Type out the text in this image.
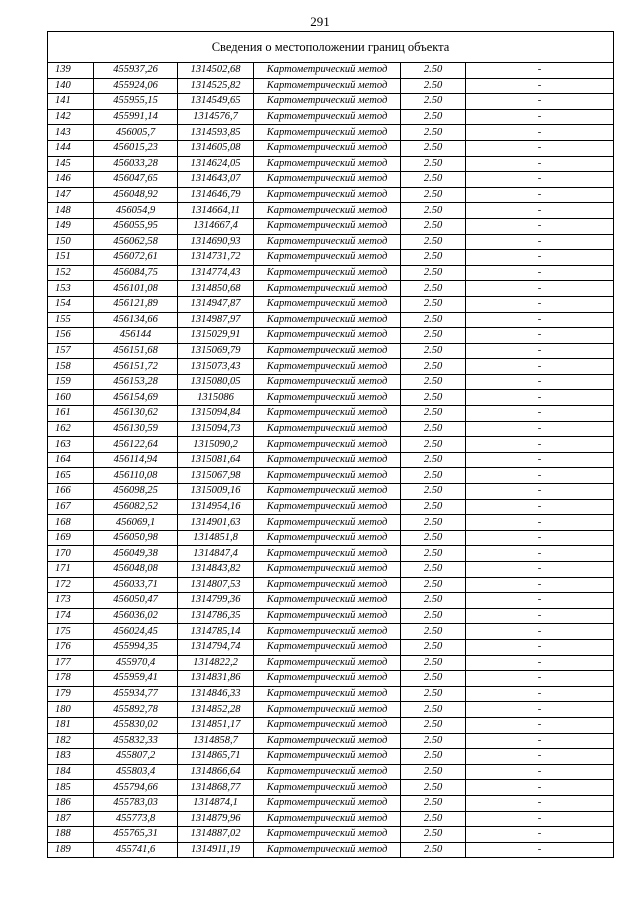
291
Сведения о местоположении границ объекта					
139	455937,26	1314502,68	Картометрический метод	2.50	-
140	455924,06	1314525,82	Картометрический метод	2.50	-
141	455955,15	1314549,65	Картометрический метод	2.50	-
142	455991,14	1314576,7	Картометрический метод	2.50	-
143	456005,7	1314593,85	Картометрический метод	2.50	-
144	456015,23	1314605,08	Картометрический метод	2.50	-
145	456033,28	1314624,05	Картометрический метод	2.50	-
146	456047,65	1314643,07	Картометрический метод	2.50	-
147	456048,92	1314646,79	Картометрический метод	2.50	-
148	456054,9	1314664,11	Картометрический метод	2.50	-
149	456055,95	1314667,4	Картометрический метод	2.50	-
150	456062,58	1314690,93	Картометрический метод	2.50	-
151	456072,61	1314731,72	Картометрический метод	2.50	-
152	456084,75	1314774,43	Картометрический метод	2.50	-
153	456101,08	1314850,68	Картометрический метод	2.50	-
154	456121,89	1314947,87	Картометрический метод	2.50	-
155	456134,66	1314987,97	Картометрический метод	2.50	-
156	456144	1315029,91	Картометрический метод	2.50	-
157	456151,68	1315069,79	Картометрический метод	2.50	-
158	456151,72	1315073,43	Картометрический метод	2.50	-
159	456153,28	1315080,05	Картометрический метод	2.50	-
160	456154,69	1315086	Картометрический метод	2.50	-
161	456130,62	1315094,84	Картометрический метод	2.50	-
162	456130,59	1315094,73	Картометрический метод	2.50	-
163	456122,64	1315090,2	Картометрический метод	2.50	-
164	456114,94	1315081,64	Картометрический метод	2.50	-
165	456110,08	1315067,98	Картометрический метод	2.50	-
166	456098,25	1315009,16	Картометрический метод	2.50	-
167	456082,52	1314954,16	Картометрический метод	2.50	-
168	456069,1	1314901,63	Картометрический метод	2.50	-
169	456050,98	1314851,8	Картометрический метод	2.50	-
170	456049,38	1314847,4	Картометрический метод	2.50	-
171	456048,08	1314843,82	Картометрический метод	2.50	-
172	456033,71	1314807,53	Картометрический метод	2.50	-
173	456050,47	1314799,36	Картометрический метод	2.50	-
174	456036,02	1314786,35	Картометрический метод	2.50	-
175	456024,45	1314785,14	Картометрический метод	2.50	-
176	455994,35	1314794,74	Картометрический метод	2.50	-
177	455970,4	1314822,2	Картометрический метод	2.50	-
178	455959,41	1314831,86	Картометрический метод	2.50	-
179	455934,77	1314846,33	Картометрический метод	2.50	-
180	455892,78	1314852,28	Картометрический метод	2.50	-
181	455830,02	1314851,17	Картометрический метод	2.50	-
182	455832,33	1314858,7	Картометрический метод	2.50	-
183	455807,2	1314865,71	Картометрический метод	2.50	-
184	455803,4	1314866,64	Картометрический метод	2.50	-
185	455794,66	1314868,77	Картометрический метод	2.50	-
186	455783,03	1314874,1	Картометрический метод	2.50	-
187	455773,8	1314879,96	Картометрический метод	2.50	-
188	455765,31	1314887,02	Картометрический метод	2.50	-
189	455741,6	1314911,19	Картометрический метод	2.50	-
